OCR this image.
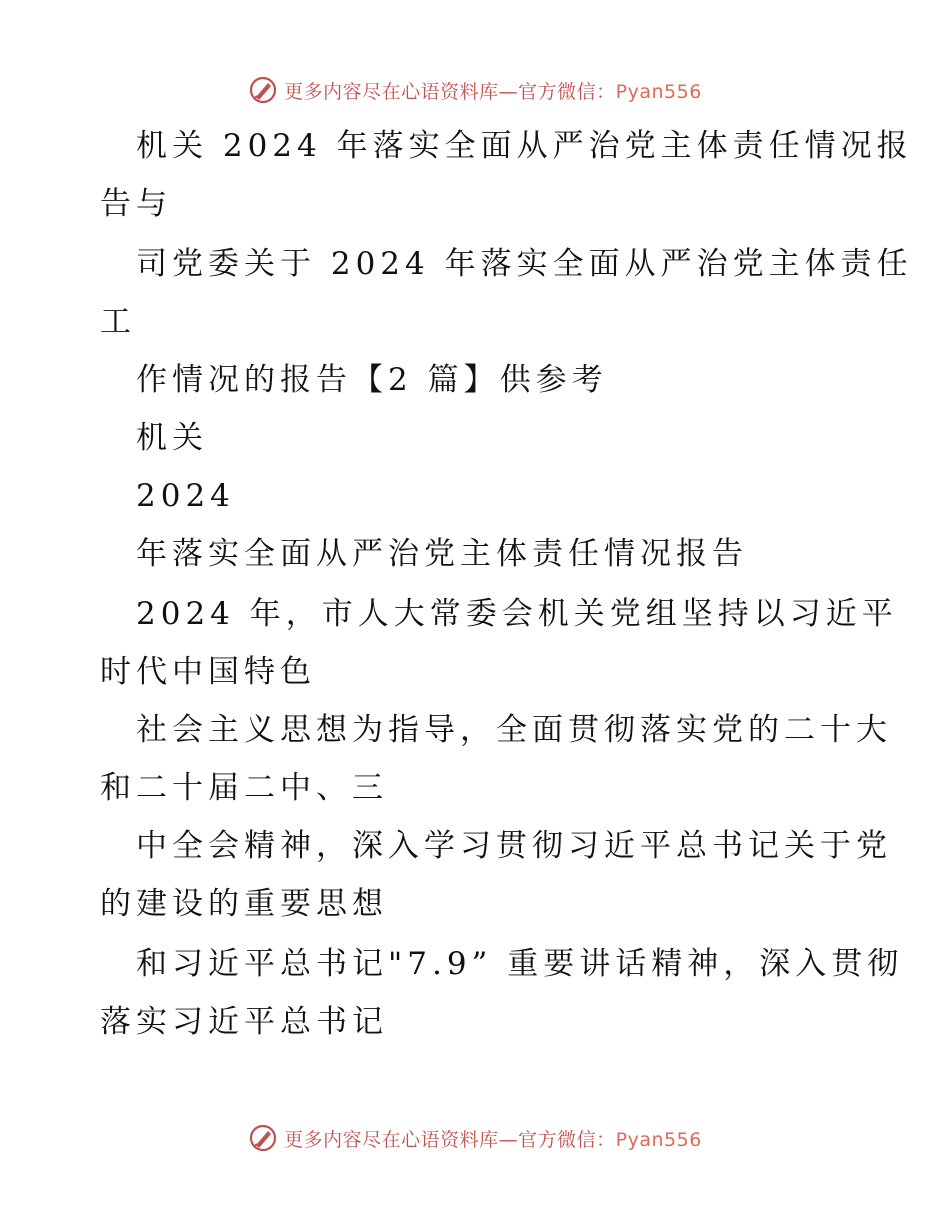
更多内容尽在心语资料库—官方微信：Pyan556
机关 2024 年落实全面从严治党主体责任情况报
告与
司党委关于 2024 年落实全面从严治党主体责任
工
作情况的报告【2 篇】供参考
机关
2024
年落实全面从严治党主体责任情况报告
2024 年，市人大常委会机关党组坚持以习近平
时代中国特色
社会主义思想为指导，全面贯彻落实党的二十大
和二十届二中、三
中全会精神，深入学习贯彻习近平总书记关于党
的建设的重要思想
和习近平总书记"7.9” 重要讲话精神，深入贯彻
落实习近平总书记
更多内容尽在心语资料库—官方微信：Pyan556
